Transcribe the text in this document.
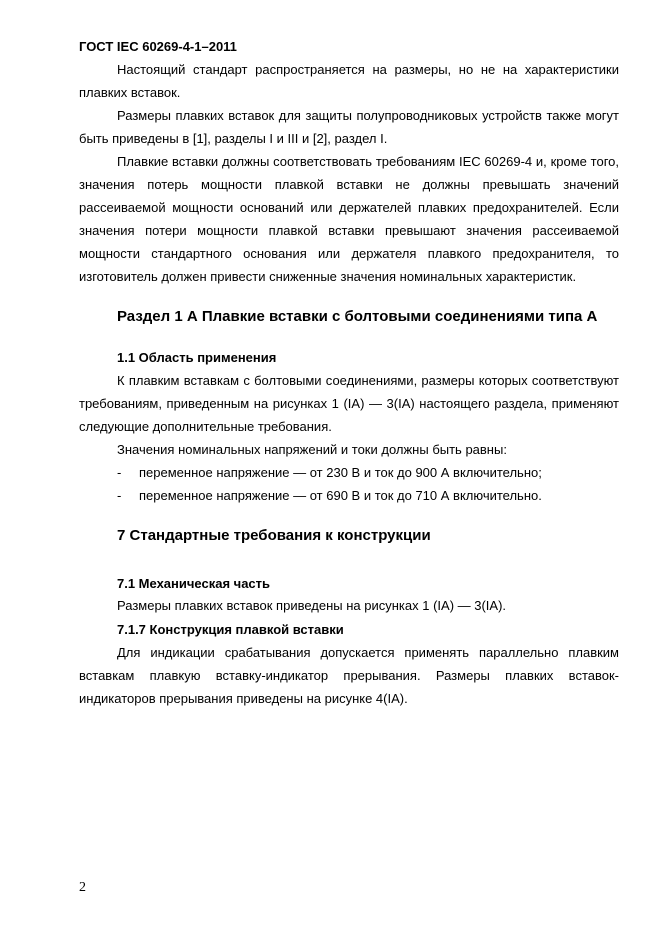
ГОСТ IEC 60269-4-1–2011

Настоящий стандарт распространяется на размеры, но не на характеристики плавких вставок.

Размеры плавких вставок для защиты полупроводниковых устройств также могут быть приведены в [1], разделы I и III и [2], раздел I.

Плавкие вставки должны соответствовать требованиям IEC 60269-4 и, кроме того, значения потерь мощности плавкой вставки не должны превышать значений рассеиваемой мощности оснований или держателей плавких предохранителей. Если значения потери мощности плавкой вставки превышают значения рассеиваемой мощности стандартного основания или держателя плавкого предохранителя, то изготовитель должен привести сниженные значения номинальных характеристик.

Раздел 1 А Плавкие вставки с болтовыми соединениями типа А
1.1 Область применения

К плавким вставкам с болтовыми соединениями, размеры которых соответствуют требованиям, приведенным на рисунках 1 (IA) — 3(IA) настоящего раздела, применяют следующие дополнительные требования.

Значения номинальных напряжений и токи должны быть равны:

- переменное напряжение — от 230 В и ток до 900 А включительно;
- переменное напряжение — от 690 В и ток до 710 А включительно.
7 Стандартные требования к конструкции
7.1 Механическая часть
Размеры плавких вставок приведены на рисунках 1 (IA) — 3(IA).
7.1.7 Конструкция плавкой вставки

Для индикации срабатывания допускается применять параллельно плавким вставкам плавкую вставку-индикатор прерывания. Размеры плавких вставок-индикаторов прерывания приведены на рисунке 4(IA).

2
